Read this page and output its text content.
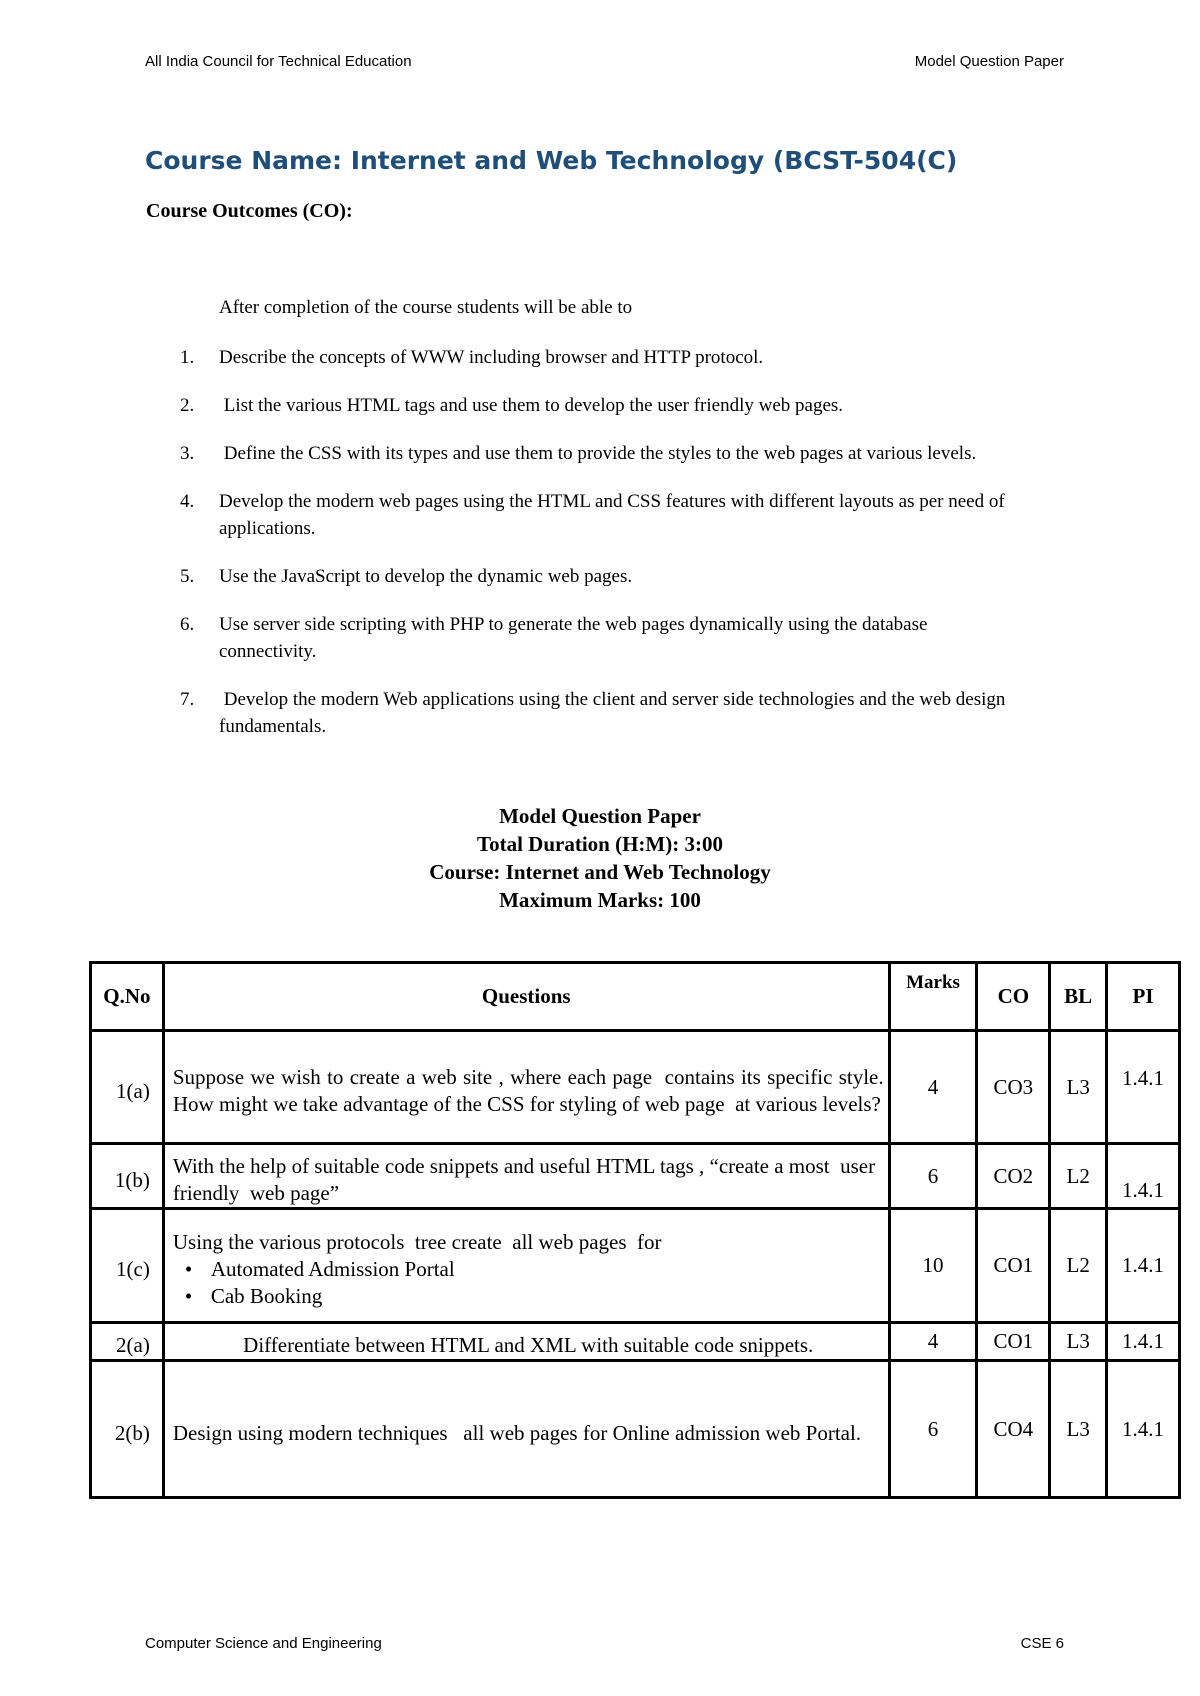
All India Council for Technical Education	Model Question Paper
Course Name: Internet and Web Technology (BCST-504(C)
Course Outcomes (CO):
After completion of the course students will be able to
1. Describe the concepts of WWW including browser and HTTP protocol.
2. List the various HTML tags and use them to develop the user friendly web pages.
3. Define the CSS with its types and use them to provide the styles to the web pages at various levels.
4. Develop the modern web pages using the HTML and CSS features with different layouts as per need of applications.
5. Use the JavaScript to develop the dynamic web pages.
6. Use server side scripting with PHP to generate the web pages dynamically using the database connectivity.
7. Develop the modern Web applications using the client and server side technologies and the web design fundamentals.
Model Question Paper
Total Duration (H:M): 3:00
Course: Internet and Web Technology
Maximum Marks: 100
Q.No	Questions	Marks	CO	BL	PI
1(a)	Suppose we wish to create a web site , where each page  contains its specific style. How might we take advantage of the CSS for styling of web page  at various levels?	4	CO3	L3	1.4.1
1(b)	With the help of suitable code snippets and useful HTML tags , “create a most  user  friendly  web page”	6	CO2	L2	1.4.1
1(c)	Using the various protocols  tree create  all web pages  for
• Automated Admission Portal
• Cab Booking	10	CO1	L2	1.4.1
2(a)	Differentiate between HTML and XML with suitable code snippets.	4	CO1	L3	1.4.1
2(b)	Design using modern techniques   all web pages for Online admission web Portal.	6	CO4	L3	1.4.1
Computer Science and Engineering	CSE 6
